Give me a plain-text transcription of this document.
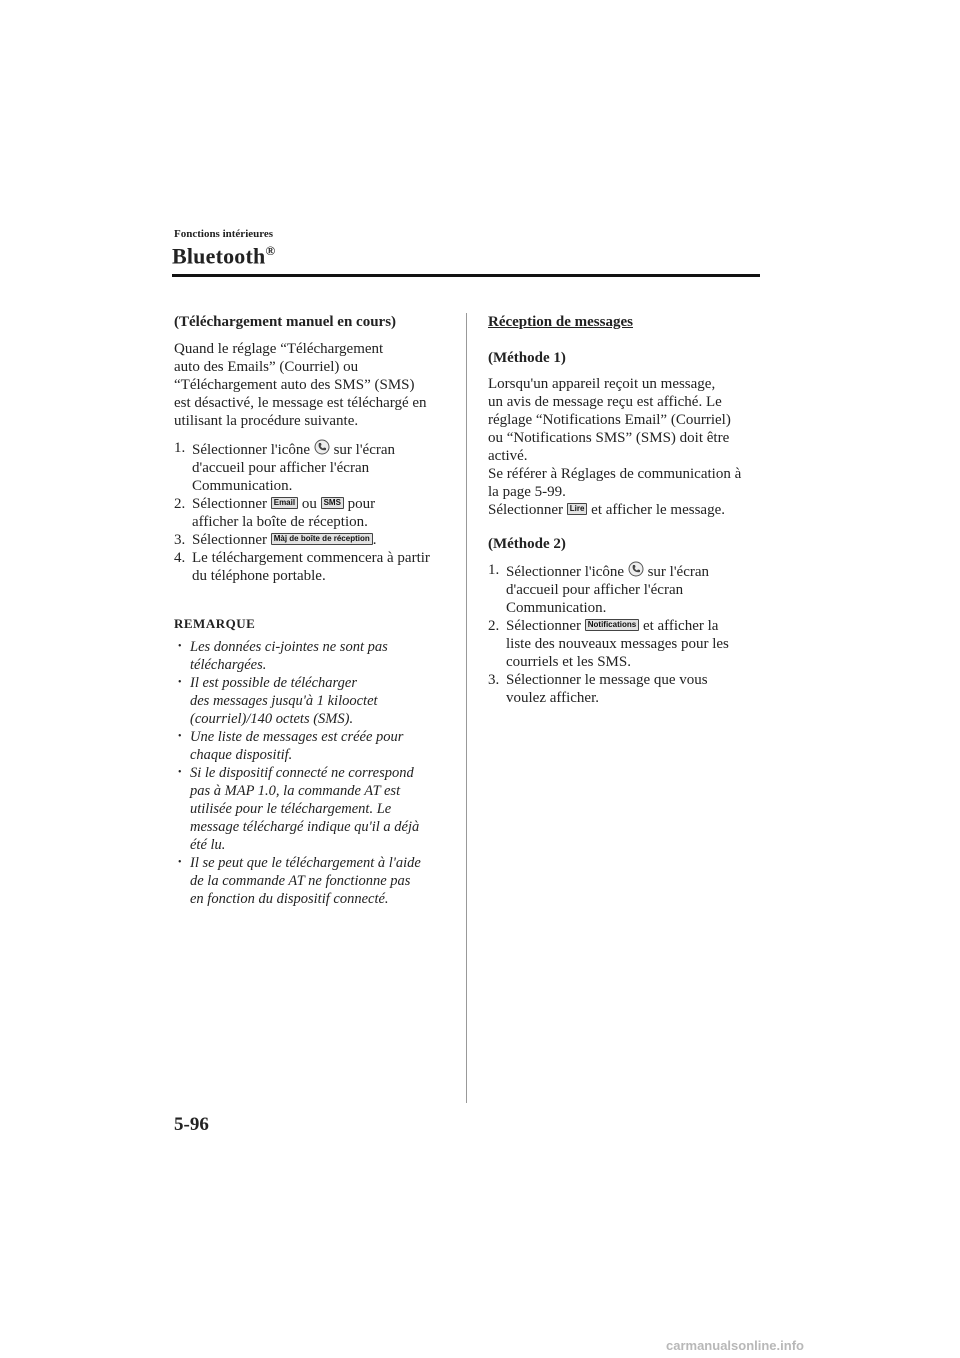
Fonctions intérieures
Bluetooth®

(Téléchargement manuel en cours)

Quand le réglage “Téléchargement

auto des Emails” (Courriel) ou

“Téléchargement auto des SMS” (SMS)

est désactivé, le message est téléchargé en

utilisant la procédure suivante.

1. Sélectionner l'icône sur l'écran
d'accueil pour afficher l'écran
Communication.
2. Sélectionner Email ou SMS pour
afficher la boîte de réception.
3. Sélectionner Màj de boîte de réception .
4. Le téléchargement commencera à partir
du téléphone portable.

REMARQUE

• Les données ci-jointes ne sont pas
téléchargées.
• Il est possible de télécharger
des messages jusqu'à 1 kilooctet
(courriel)/140 octets (SMS).
• Une liste de messages est créée pour
chaque dispositif.
• Si le dispositif connecté ne correspond
pas à MAP 1.0, la commande AT est
utilisée pour le téléchargement. Le
message téléchargé indique qu'il a déjà
été lu.
• Il se peut que le téléchargement à l'aide
de la commande AT ne fonctionne pas
en fonction du dispositif connecté.

Réception de messages

(Méthode 1)

Lorsqu'un appareil reçoit un message,

un avis de message reçu est affiché. Le

réglage “Notifications Email” (Courriel)

ou “Notifications SMS” (SMS) doit être

activé.

Se référer à Réglages de communication à

la page 5-99.

Sélectionner Lire et afficher le message.

(Méthode 2)

1. Sélectionner l'icône sur l'écran
d'accueil pour afficher l'écran
Communication.
2. Sélectionner Notifications et afficher la
liste des nouveaux messages pour les
courriels et les SMS.
3. Sélectionner le message que vous
voulez afficher.
5-96
carmanualsonline.info
